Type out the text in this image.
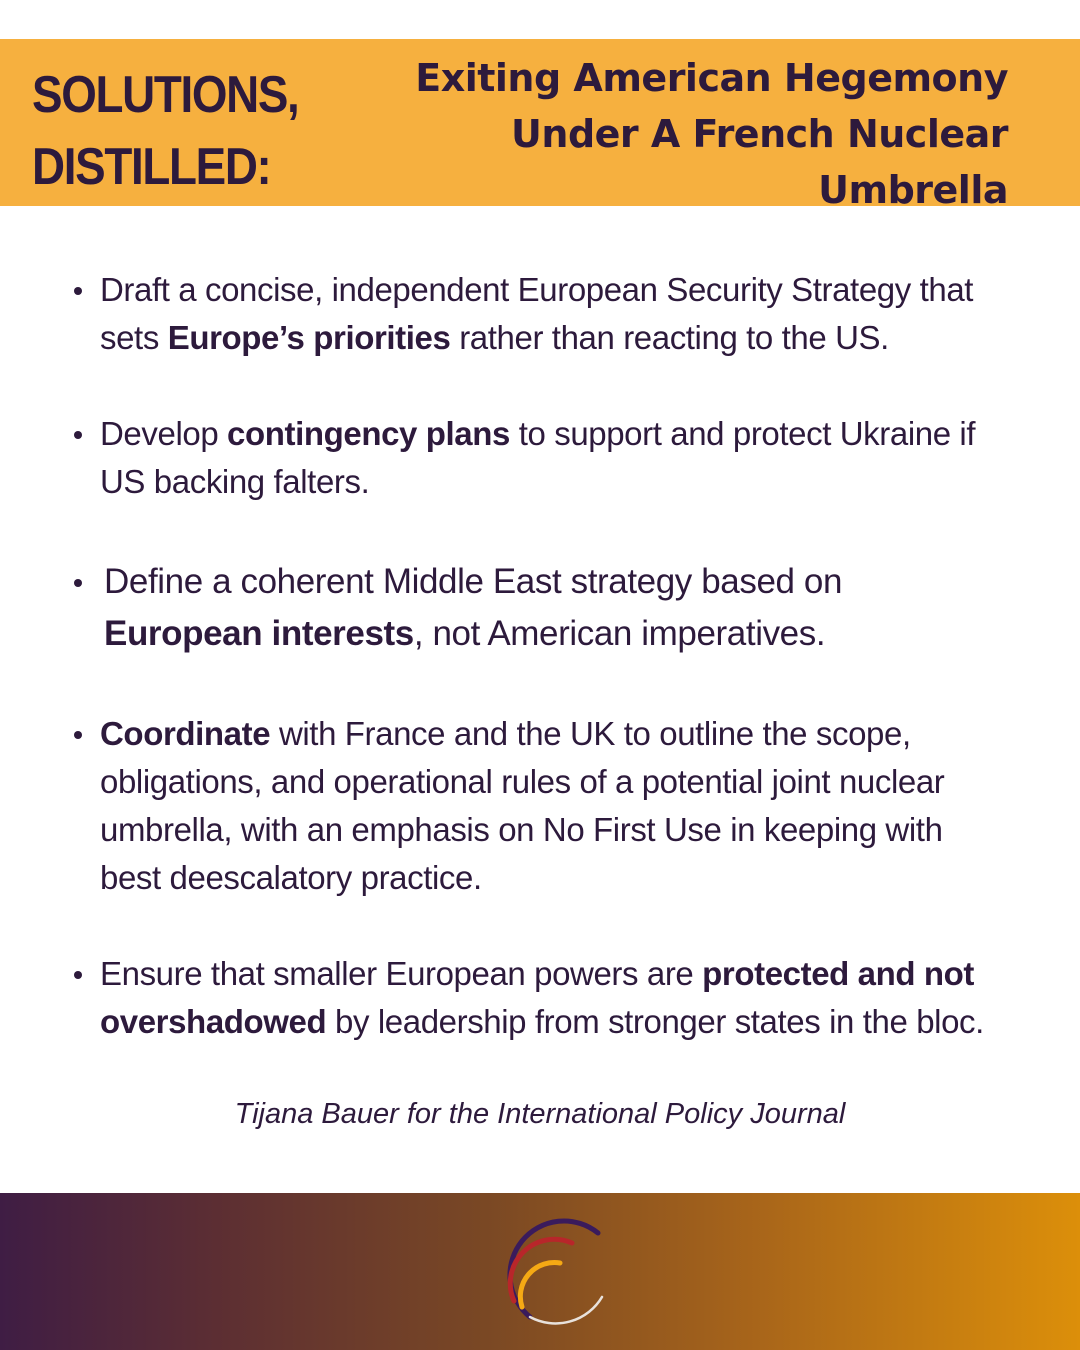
SOLUTIONS,
DISTILLED:
Exiting American Hegemony
Under A French Nuclear
Umbrella
Draft a concise, independent European Security Strategy that
sets Europe’s priorities rather than reacting to the US.
Develop contingency plans to support and protect Ukraine if
US backing falters.
Define a coherent Middle East strategy based on
European interests, not American imperatives.
Coordinate with France and the UK to outline the scope,
obligations, and operational rules of a potential joint nuclear
umbrella, with an emphasis on No First Use in keeping with
best deescalatory practice.
Ensure that smaller European powers are protected and not
overshadowed by leadership from stronger states in the bloc.
Tijana Bauer for the International Policy Journal
